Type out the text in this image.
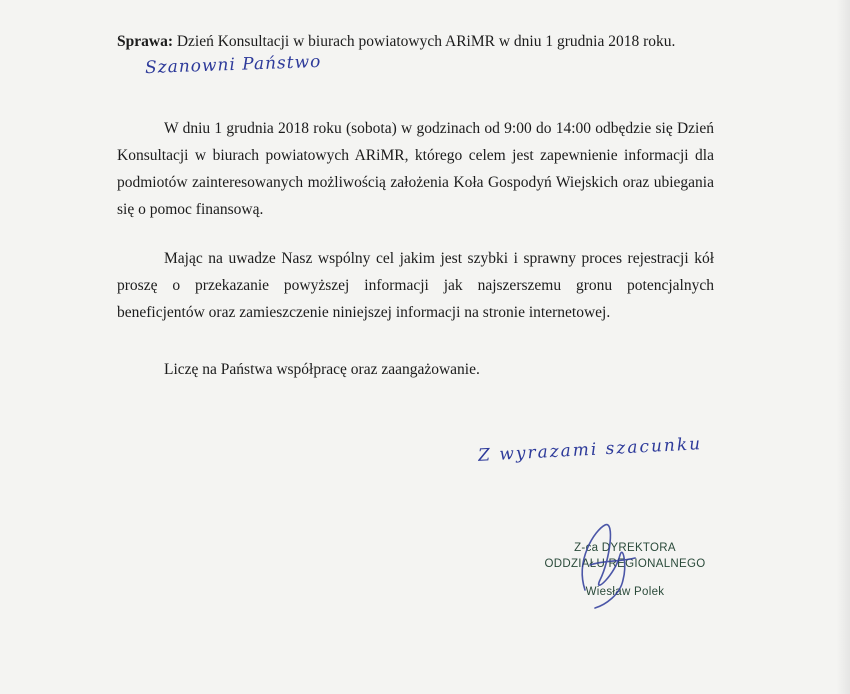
Sprawa: Dzień Konsultacji w biurach powiatowych ARiMR w dniu 1 grudnia 2018 roku.
Szanowni Państwo
W dniu 1 grudnia 2018 roku (sobota) w godzinach od 9:00 do 14:00 odbędzie się Dzień Konsultacji w biurach powiatowych ARiMR, którego celem jest zapewnienie informacji dla podmiotów zainteresowanych możliwością założenia Koła Gospodyń Wiejskich oraz ubiegania się o pomoc finansową.
Mając na uwadze Nasz wspólny cel jakim jest szybki i sprawny proces rejestracji kół proszę o przekazanie powyższej informacji jak najszerszemu gronu potencjalnych beneficjentów oraz zamieszczenie niniejszej informacji na stronie internetowej.
Liczę na Państwa współpracę oraz zaangażowanie.
Z wyrazami szacunku
Z-ca DYREKTORA
ODDZIAŁU REGIONALNEGO
Wiesław Polek
